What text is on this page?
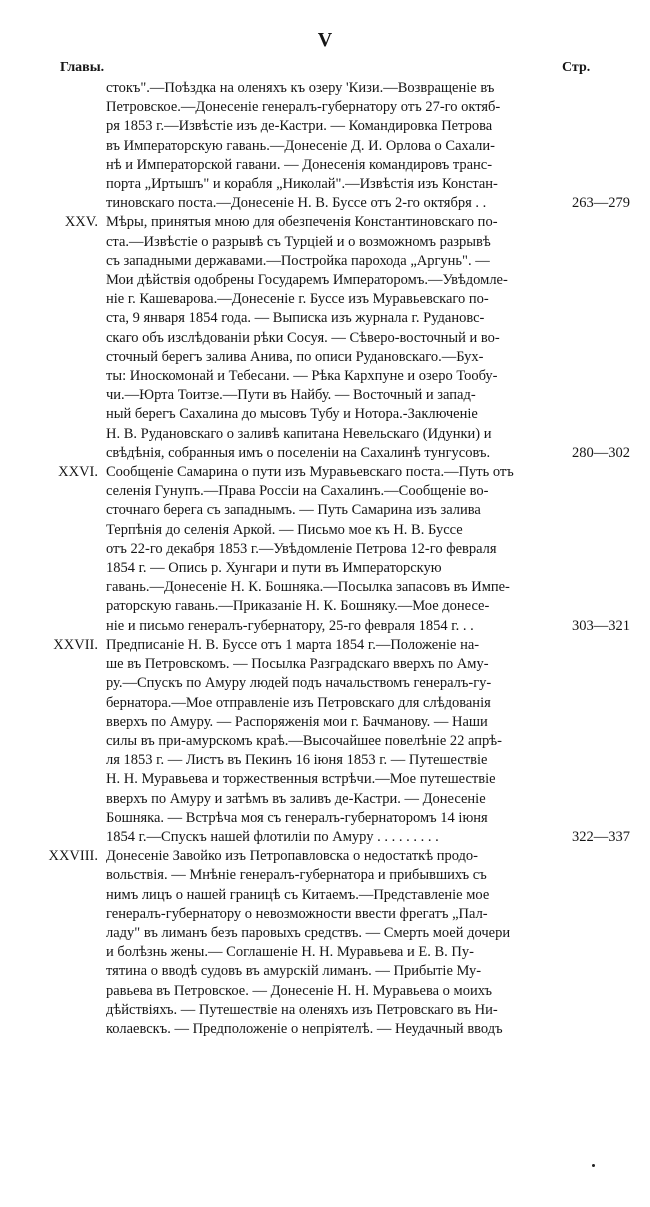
V
Главы.	Стр.
стокъ".—Поѣздка на оленяхъ къ озеру 'Кизи.—Возвращеніе въ
Петровское.—Донесеніе генералъ-губернатору отъ 27-го октяб-
ря 1853 г.—Извѣстіе изъ де-Кастри. — Командировка Петрова
въ Императорскую гавань.—Донесеніе Д. И. Орлова о Сахали-
нѣ и Императорской гавани. — Донесенія командировъ транс-
порта „Иртышъ" и корабля „Николай".—Извѣстія изъ Констан-
тиновскаго поста.—Донесеніе Н. В. Буссе отъ 2-го октября . .	263—279
XXV. Мѣры, принятыя мною для обезпеченія Константиновскаго по-
ста.—Извѣстіе о разрывѣ съ Турціей и о возможномъ разрывѣ
съ западными державами.—Постройка парохода „Аргунь". —
Мои дѣйствія одобрены Государемъ Императоромъ.—Увѣдомле-
ніе г. Кашеварова.—Донесеніе г. Буссе изъ Муравьевскаго по-
ста, 9 января 1854 года. — Выписка изъ журнала г. Рудановс-
скаго объ изслѣдованіи рѣки Сосуя. — Сѣверо-восточный и во-
сточный берегъ залива Анива, по описи Рудановскаго.—Бух-
ты: Иноскомонай и Тебесани. — Рѣка Кархпуне и озеро Тообу-
чи.—Юрта Тоитзе.—Пути въ Найбу. — Восточный и запад-
ный берегъ Сахалина до мысовъ Тубу и Нотора.-Заключеніе
Н. В. Рудановскаго о заливѣ капитана Невельскаго (Идунки) и
свѣдѣнія, собранныя имъ о поселеніи на Сахалинѣ тунгусовъ.	280—302
XXVI. Сообщеніе Самарина о пути изъ Муравьевскаго поста.—Путь отъ
селенія Гунупъ.—Права Россіи на Сахалинъ.—Сообщеніе во-
сточнаго берега съ западнымъ. — Путь Самарина изъ залива
Терпѣнія до селенія Аркой. — Письмо мое къ Н. В. Буссе
отъ 22-го декабря 1853 г.—Увѣдомленіе Петрова 12-го февраля
1854 г. — Опись р. Хунгари и пути въ Императорскую
гавань.—Донесеніе Н. К. Бошняка.—Посылка запасовъ въ Импе-
раторскую гавань.—Приказаніе Н. К. Бошняку.—Мое донесе-
ніе и письмо генералъ-губернатору, 25-го февраля 1854 г. . .	303—321
XXVII. Предписаніе Н. В. Буссе отъ 1 марта 1854 г.—Положеніе на-
ше въ Петровскомъ. — Посылка Разградскаго вверхъ по Аму-
ру.—Спускъ по Амуру людей подъ начальствомъ генералъ-гу-
бернатора.—Мое отправленіе изъ Петровскаго для слѣдованія
вверхъ по Амуру. — Распоряженія мои г. Бачманову. — Наши
силы въ при-амурскомъ краѣ.—Высочайшее повелѣніе 22 апрѣ-
ля 1853 г. — Листъ въ Пекинъ 16 іюня 1853 г. — Путешествіе
Н. Н. Муравьева и торжественныя встрѣчи.—Мое путешествіе
вверхъ по Амуру и затѣмъ въ заливъ де-Кастри. — Донесеніе
Бошняка. — Встрѣча моя съ генералъ-губернаторомъ 14 іюня
1854 г.—Спускъ нашей флотиліи по Амуру . . . . . . . . .	322—337
XXVIII. Донесеніе Завойко изъ Петропавловска о недостаткѣ продо-
вольствія. — Мнѣніе генералъ-губернатора и прибывшихъ съ
нимъ лицъ о нашей границѣ съ Китаемъ.—Представленіе мое
генералъ-губернатору о невозможности ввести фрегатъ „Пал-
ладу" въ лиманъ безъ паровыхъ средствъ. — Смерть моей дочери
и болѣзнь жены.— Соглашеніе Н. Н. Муравьева и Е. В. Пу-
тятина о вводѣ судовъ въ амурскій лиманъ. — Прибытіе Му-
равьева въ Петровское. — Донесеніе Н. Н. Муравьева о моихъ
дѣйствіяхъ. — Путешествіе на оленяхъ изъ Петровскаго въ Ни-
колаевскъ. — Предположеніе о непріятелѣ. — Неудачный вводъ
